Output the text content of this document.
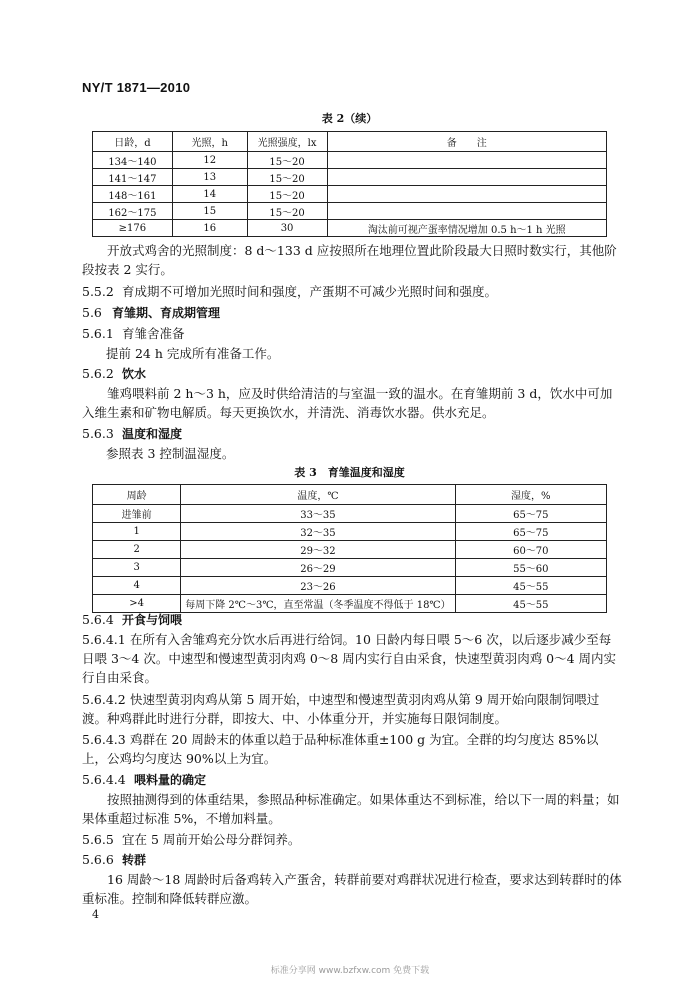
NY/T 1871—2010
表 2（续）
日龄，d	光照，h	光照强度，lx	备　　注
134～140	12	15～20	
141～147	13	15～20	
148～161	14	15～20	
162～175	15	15～20	
≥176	16	30	淘汰前可视产蛋率情况增加 0.5 h～1 h 光照
开放式鸡舍的光照制度：8 d～133 d 应按照所在地理位置此阶段最大日照时数实行，其他阶段按表 2 实行。
5.5.2 育成期不可增加光照时间和强度，产蛋期不可减少光照时间和强度。
5.6 育雏期、育成期管理
5.6.1 育雏舍准备
提前 24 h 完成所有准备工作。
5.6.2 饮水
雏鸡喂料前 2 h～3 h，应及时供给清洁的与室温一致的温水。在育雏期前 3 d，饮水中可加入维生素和矿物电解质。每天更换饮水，并清洗、消毒饮水器。供水充足。
5.6.3 温度和湿度
参照表 3 控制温湿度。
表 3　育雏温度和湿度
周龄	温度，℃	湿度，%
进雏前	33～35	65～75
1	32～35	65～75
2	29～32	60～70
3	26～29	55～60
4	23～26	45～55
>4	每周下降 2℃～3℃，直至常温（冬季温度不得低于 18℃）	45～55
5.6.4 开食与饲喂
5.6.4.1 在所有入舍雏鸡充分饮水后再进行给饲。10 日龄内每日喂 5～6 次，以后逐步减少至每日喂 3～4 次。中速型和慢速型黄羽肉鸡 0～8 周内实行自由采食，快速型黄羽肉鸡 0～4 周内实行自由采食。
5.6.4.2 快速型黄羽肉鸡从第 5 周开始，中速型和慢速型黄羽肉鸡从第 9 周开始向限制饲喂过渡。种鸡群此时进行分群，即按大、中、小体重分开，并实施每日限饲制度。
5.6.4.3 鸡群在 20 周龄末的体重以趋于品种标准体重±100 g 为宜。全群的均匀度达 85%以上，公鸡均匀度达 90%以上为宜。
5.6.4.4 喂料量的确定
按照抽测得到的体重结果，参照品种标准确定。如果体重达不到标准，给以下一周的料量；如果体重超过标准 5%，不增加料量。
5.6.5 宜在 5 周前开始公母分群饲养。
5.6.6 转群
16 周龄～18 周龄时后备鸡转入产蛋舍，转群前要对鸡群状况进行检查，要求达到转群时的体重标准。控制和降低转群应激。
4
标准分享网 www.bzfxw.com 免费下载
